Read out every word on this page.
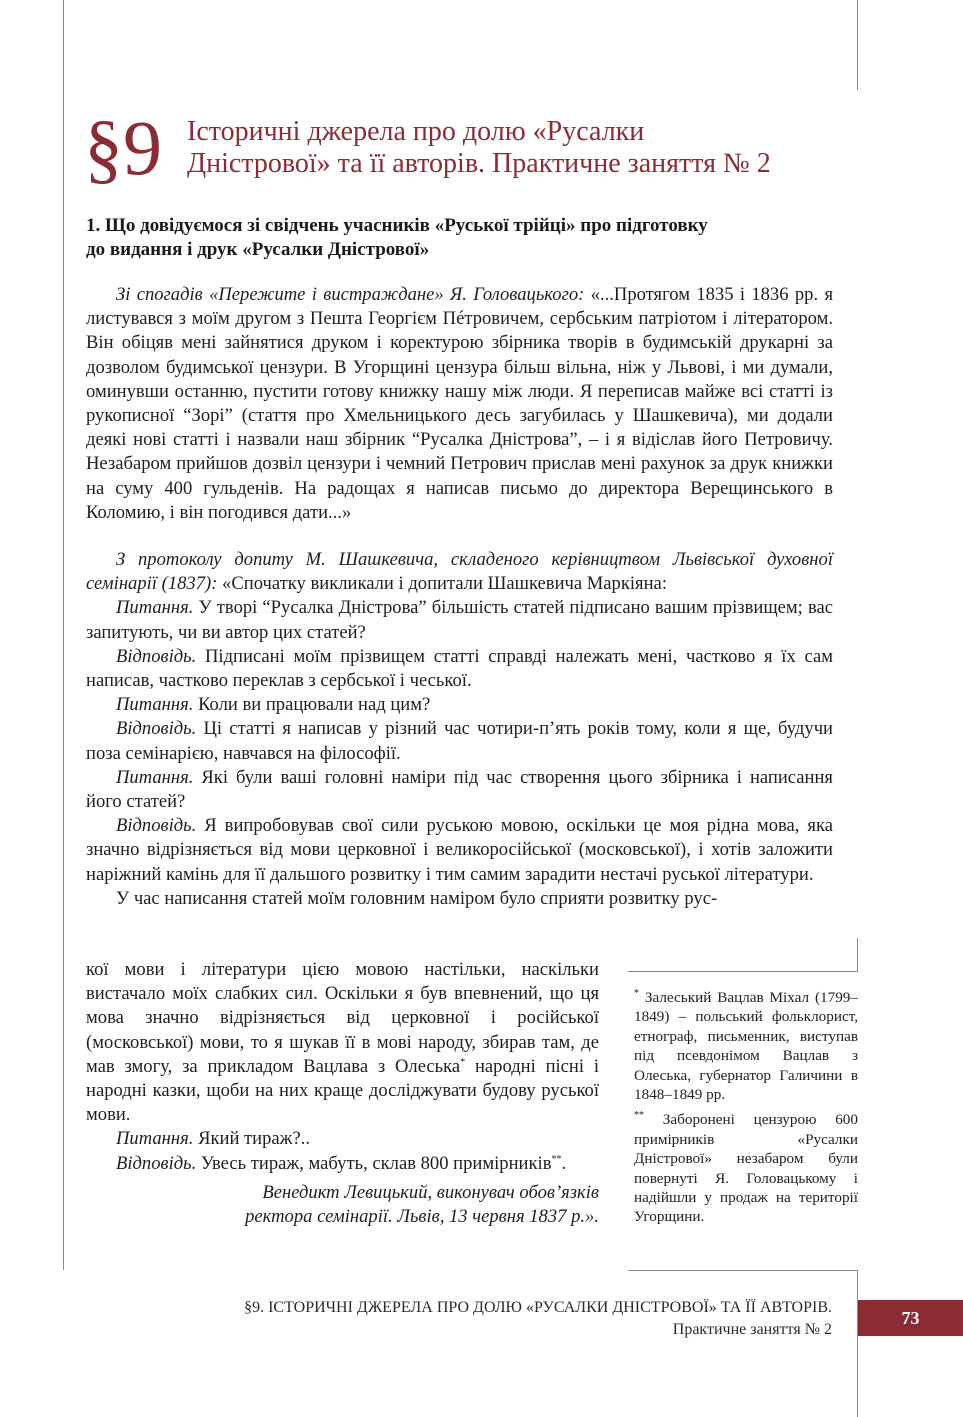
§9 Історичні джерела про долю «Русалки
Дністрової» та її авторів. Практичне заняття № 2
1. Що довідуємося зі свідчень учасників «Руської трійці» про підготовку
до видання і друк «Русалки Дністрової»

Зі спогадів «Пережите і вистраждане» Я. Головацького: «...Протягом 1835 і 1836 рр. я листувався з моїм другом з Пешта Георгієм Пéтровичем, сербським патріотом і літератором. Він обіцяв мені зайнятися друком і коректурою збірника творів в будимській друкарні за дозволом будимської цензури. В Угорщині цензура більш вільна, ніж у Львові, і ми думали, оминувши останню, пустити готову книжку нашу між люди. Я переписав майже всі статті із рукописної “Зорі” (стаття про Хмельницького десь загубилась у Шашкевича), ми додали деякі нові статті і назвали наш збірник “Русалка Дністрова”, – і я відіслав його Петровичу. Незабаром прийшов дозвіл цензури і чемний Петрович прислав мені рахунок за друк книжки на суму 400 гульденів. На радощах я написав письмо до директора Верещинського в Коломию, і він погодився дати...»

З протоколу допиту М. Шашкевича, складеного керівництвом Львівської духовної семінарії (1837): «Спочатку викликали і допитали Шашкевича Маркіяна:

Питання. У творі “Русалка Дністрова” більшість статей підписано вашим прізвищем; вас запитують, чи ви автор цих статей?

Відповідь. Підписані моїм прізвищем статті справді належать мені, частково я їх сам написав, частково переклав з сербської і чеської.

Питання. Коли ви працювали над цим?

Відповідь. Ці статті я написав у різний час чотири-п’ять років тому, коли я ще, будучи поза семінарією, навчався на філософії.

Питання. Які були ваші головні наміри під час створення цього збірника і написання його статей?

Відповідь. Я випробовував свої сили руською мовою, оскільки це моя рідна мова, яка значно відрізняється від мови церковної і великоросійської (московської), і хотів заложити наріжний камінь для її дальшого розвитку і тим самим зарадити нестачі руської літератури.

У час написання статей моїм головним наміром було сприяти розвитку рус-

кої мови і літератури цією мовою настільки, наскільки вистачало моїх слабких сил. Оскільки я був впевнений, що ця мова значно відрізняється від церковної і російської (московської) мови, то я шукав її в мові народу, збирав там, де мав змогу, за прикладом Вацлава з Олеська* народні пісні і народні казки, щоби на них краще досліджувати будову руської мови.

Питання. Який тираж?..

Відповідь. Увесь тираж, мабуть, склав 800 примірників**.

Венедикт Левицький, виконувач обов’язків
ректора семінарії. Львів, 13 червня 1837 р.».

* Залеський Вацлав Міхал (1799–1849) – польський фольклорист, етнограф, письменник, виступав під псевдонімом Вацлав з Олеська, губернатор Галичини в 1848–1849 рр.

** Заборонені цензурою 600 примірників «Русалки Дністрової» незабаром були повернуті Я. Головацькому і надійшли у продаж на території Угорщини.

§9. ІСТОРИЧНІ ДЖЕРЕЛА ПРО ДОЛЮ «РУСАЛКИ ДНІСТРОВОЇ» ТА ЇЇ АВТОРІВ.
Практичне заняття № 2
73
